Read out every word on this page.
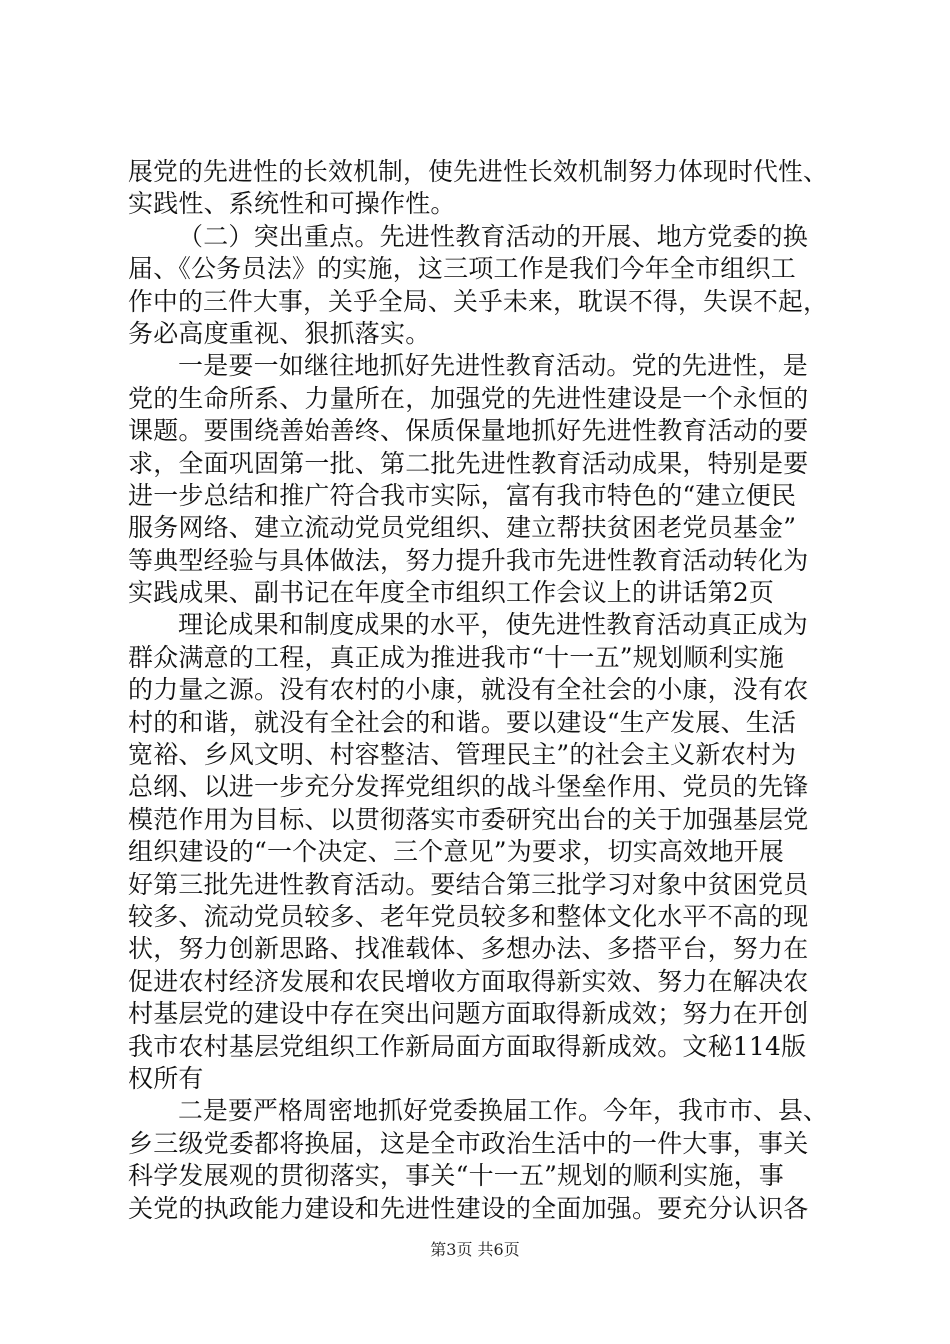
展党的先进性的长效机制，使先进性长效机制努力体现时代性、
实践性、系统性和可操作性。
（二）突出重点。先进性教育活动的开展、地方党委的换
届、《公务员法》的实施，这三项工作是我们今年全市组织工
作中的三件大事，关乎全局、关乎未来，耽误不得，失误不起，
务必高度重视、狠抓落实。
一是要一如继往地抓好先进性教育活动。党的先进性，是
党的生命所系、力量所在，加强党的先进性建设是一个永恒的
课题。要围绕善始善终、保质保量地抓好先进性教育活动的要
求，全面巩固第一批、第二批先进性教育活动成果，特别是要
进一步总结和推广符合我市实际，富有我市特色的“建立便民
服务网络、建立流动党员党组织、建立帮扶贫困老党员基金”
等典型经验与具体做法，努力提升我市先进性教育活动转化为
实践成果、副书记在年度全市组织工作会议上的讲话第2页
理论成果和制度成果的水平，使先进性教育活动真正成为
群众满意的工程，真正成为推进我市“十一五”规划顺利实施
的力量之源。没有农村的小康，就没有全社会的小康，没有农
村的和谐，就没有全社会的和谐。要以建设“生产发展、生活
宽裕、乡风文明、村容整洁、管理民主”的社会主义新农村为
总纲、以进一步充分发挥党组织的战斗堡垒作用、党员的先锋
模范作用为目标、以贯彻落实市委研究出台的关于加强基层党
组织建设的“一个决定、三个意见”为要求，切实高效地开展
好第三批先进性教育活动。要结合第三批学习对象中贫困党员
较多、流动党员较多、老年党员较多和整体文化水平不高的现
状，努力创新思路、找准载体、多想办法、多搭平台，努力在
促进农村经济发展和农民增收方面取得新实效、努力在解决农
村基层党的建设中存在突出问题方面取得新成效；努力在开创
我市农村基层党组织工作新局面方面取得新成效。文秘114版
权所有
二是要严格周密地抓好党委换届工作。今年，我市市、县、
乡三级党委都将换届，这是全市政治生活中的一件大事，事关
科学发展观的贯彻落实，事关“十一五”规划的顺利实施，事
关党的执政能力建设和先进性建设的全面加强。要充分认识各
第3页 共6页
